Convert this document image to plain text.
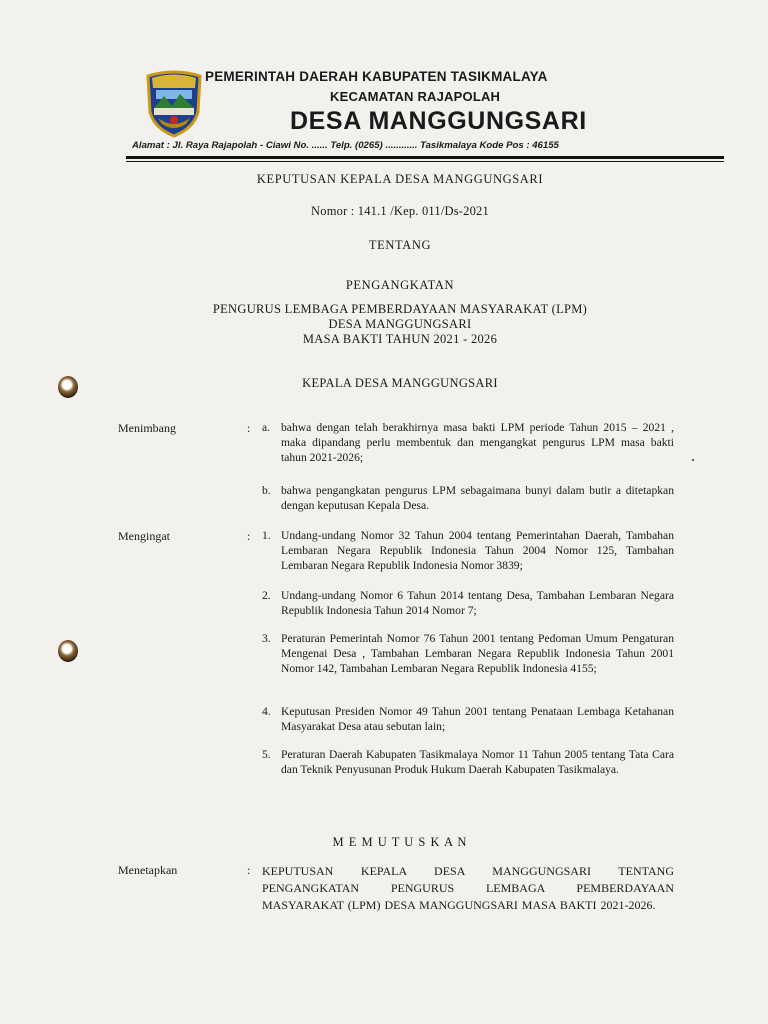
PEMERINTAH DAERAH KABUPATEN TASIKMALAYA
KECAMATAN RAJAPOLAH
DESA MANGGUNGSARI
Alamat : Jl. Raya Rajapolah - Ciawi No. ...... Telp. (0265) ............ Tasikmalaya Kode Pos : 46155
KEPUTUSAN KEPALA DESA MANGGUNGSARI
Nomor : 141.1 /Kep. 011/Ds-2021
TENTANG
PENGANGKATAN
PENGURUS LEMBAGA PEMBERDAYAAN MASYARAKAT (LPM)
DESA MANGGUNGSARI
MASA BAKTI TAHUN 2021 - 2026
KEPALA DESA MANGGUNGSARI
Menimbang	: a. bahwa dengan telah berakhirnya masa bakti LPM periode Tahun 2015 – 2021 , maka dipandang perlu membentuk dan mengangkat pengurus LPM masa bakti tahun 2021-2026;
b. bahwa pengangkatan pengurus LPM sebagaimana bunyi dalam butir a ditetapkan dengan keputusan Kepala Desa.
Mengingat	: 1. Undang-undang Nomor 32 Tahun 2004 tentang Pemerintahan Daerah, Tambahan Lembaran Negara Republik Indonesia Tahun 2004 Nomor 125, Tambahan Lembaran Negara Republik Indonesia Nomor 3839;
2. Undang-undang Nomor 6 Tahun 2014 tentang Desa, Tambahan Lembaran Negara Republik Indonesia Tahun 2014 Nomor 7;
3. Peraturan Pemerintah Nomor 76 Tahun 2001 tentang Pedoman Umum Pengaturan Mengenai Desa , Tambahan Lembaran Negara Republik Indonesia Tahun 2001 Nomor 142, Tambahan Lembaran Negara Republik Indonesia 4155;
4. Keputusan Presiden Nomor 49 Tahun 2001 tentang Penataan Lembaga Ketahanan Masyarakat Desa atau sebutan lain;
5. Peraturan Daerah Kabupaten Tasikmalaya Nomor 11 Tahun 2005 tentang Tata Cara dan Teknik Penyusunan Produk Hukum Daerah Kabupaten Tasikmalaya.
M E M U T U S K A N
Menetapkan	: KEPUTUSAN KEPALA DESA MANGGUNGSARI TENTANG PENGANGKATAN PENGURUS LEMBAGA PEMBERDAYAAN MASYARAKAT (LPM) DESA MANGGUNGSARI MASA BAKTI 2021-2026.
